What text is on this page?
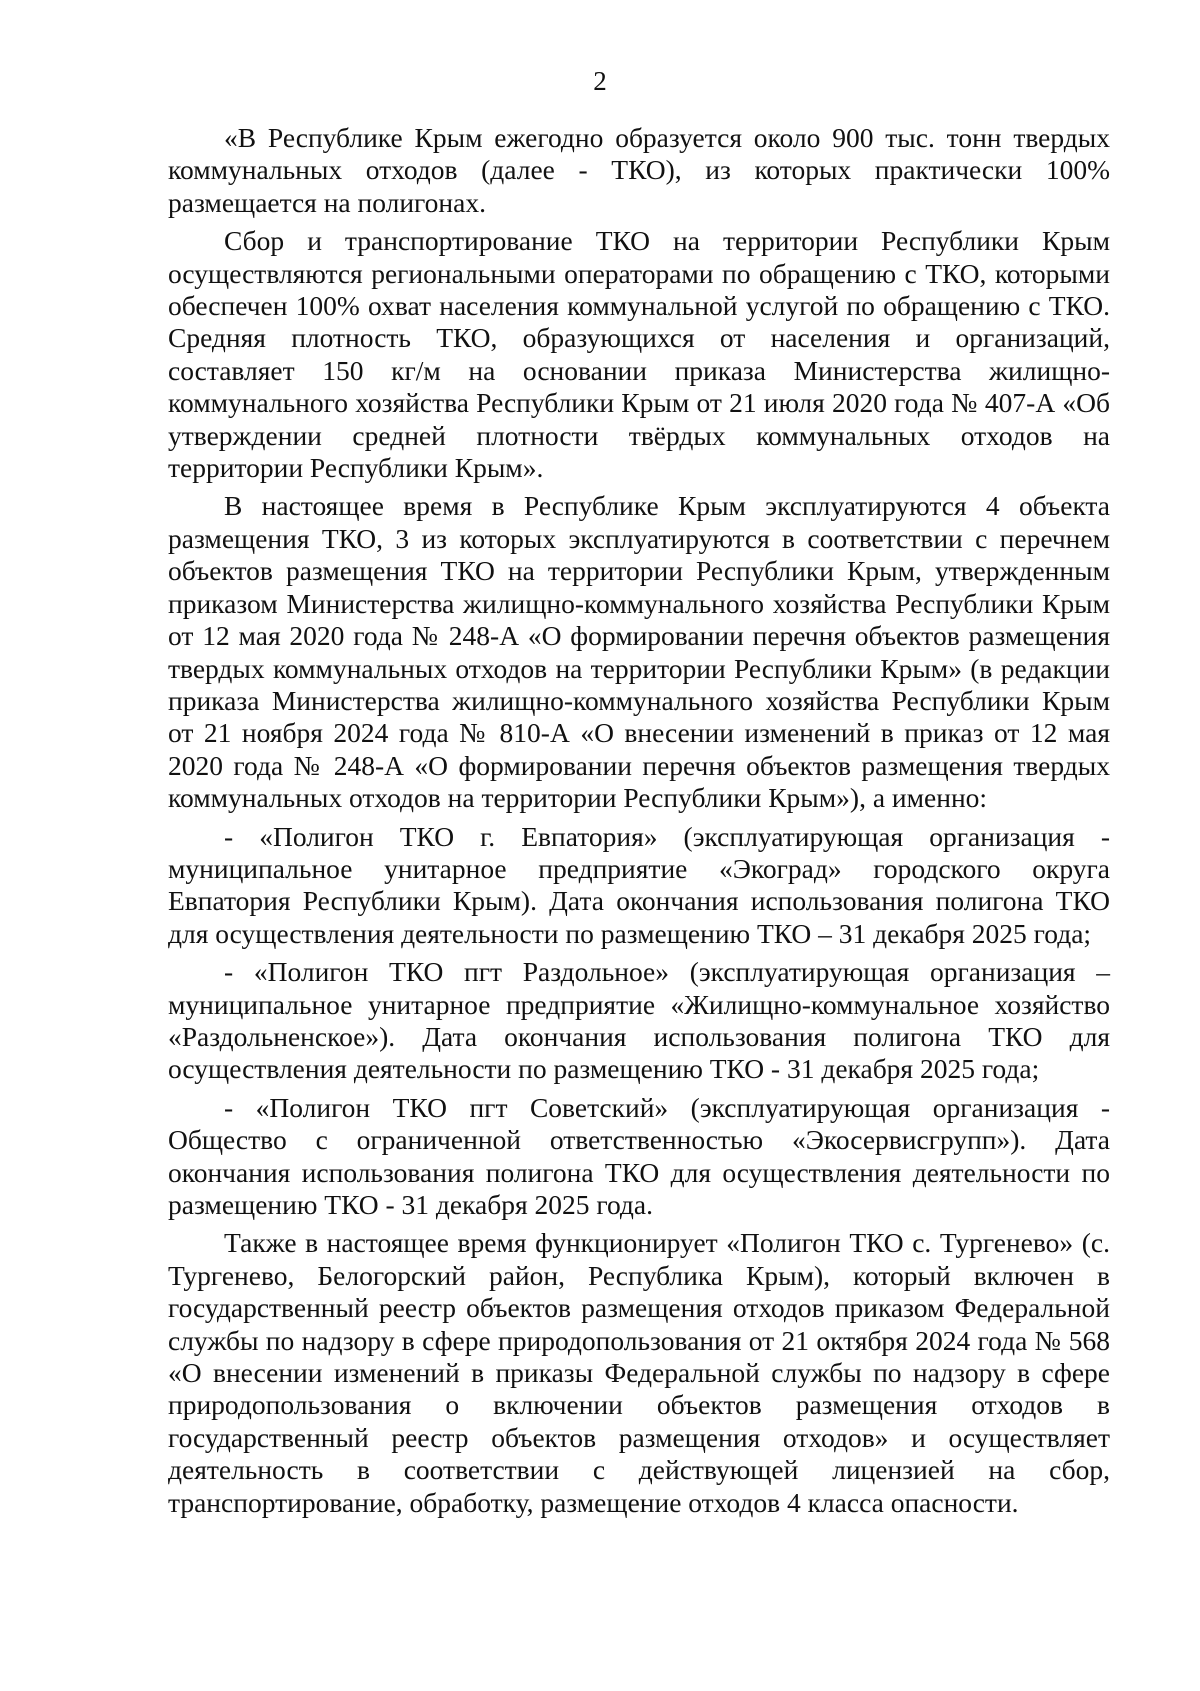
2

«В Республике Крым ежегодно образуется около 900 тыс. тонн твердых коммунальных отходов (далее - ТКО), из которых практически 100% размещается на полигонах.

Сбор и транспортирование ТКО на территории Республики Крым осуществляются региональными операторами по обращению с ТКО, которыми обеспечен 100% охват населения коммунальной услугой по обращению с ТКО. Средняя плотность ТКО, образующихся от населения и организаций, составляет 150 кг/м на основании приказа Министерства жилищно-коммунального хозяйства Республики Крым от 21 июля 2020 года № 407-А «Об утверждении средней плотности твёрдых коммунальных отходов на территории Республики Крым».

В настоящее время в Республике Крым эксплуатируются 4 объекта размещения ТКО, 3 из которых эксплуатируются в соответствии с перечнем объектов размещения ТКО на территории Республики Крым, утвержденным приказом Министерства жилищно-коммунального хозяйства Республики Крым от 12 мая 2020 года № 248-А «О формировании перечня объектов размещения твердых коммунальных отходов на территории Республики Крым» (в редакции приказа Министерства жилищно-коммунального хозяйства Республики Крым от 21 ноября 2024 года № 810-А «О внесении изменений в приказ от 12 мая 2020 года № 248-А «О формировании перечня объектов размещения твердых коммунальных отходов на территории Республики Крым»), а именно:

- «Полигон ТКО г. Евпатория» (эксплуатирующая организация - муниципальное унитарное предприятие «Экоград» городского округа Евпатория Республики Крым). Дата окончания использования полигона ТКО для осуществления деятельности по размещению ТКО – 31 декабря 2025 года;

- «Полигон ТКО пгт Раздольное» (эксплуатирующая организация – муниципальное унитарное предприятие «Жилищно-коммунальное хозяйство «Раздольненское»). Дата окончания использования полигона ТКО для осуществления деятельности по размещению ТКО - 31 декабря 2025 года;

- «Полигон ТКО пгт Советский» (эксплуатирующая организация - Общество с ограниченной ответственностью «Экосервисгрупп»). Дата окончания использования полигона ТКО для осуществления деятельности по размещению ТКО - 31 декабря 2025 года.

Также в настоящее время функционирует «Полигон ТКО с. Тургенево» (с. Тургенево, Белогорский район, Республика Крым), который включен в государственный реестр объектов размещения отходов приказом Федеральной службы по надзору в сфере природопользования от 21 октября 2024 года № 568 «О внесении изменений в приказы Федеральной службы по надзору в сфере природопользования о включении объектов размещения отходов в государственный реестр объектов размещения отходов» и осуществляет деятельность в соответствии с действующей лицензией на сбор, транспортирование, обработку, размещение отходов 4 класса опасности.
